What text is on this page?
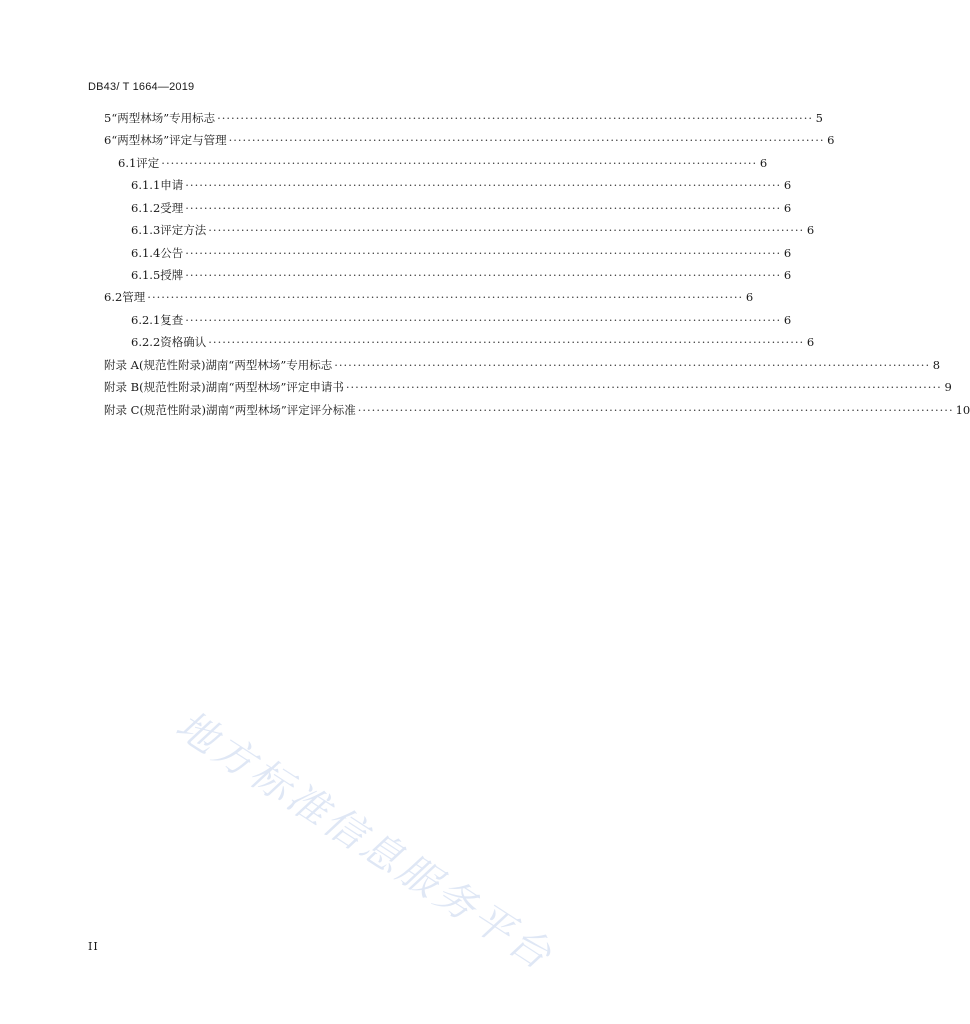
DB43/ T 1664—2019
5 “两型林场”专用标志 ································································································································ 5
6 “两型林场”评定与管理 ································································································································ 6
6.1 评定 ································································································································ 6
6.1.1 申请 ································································································································ 6
6.1.2 受理 ································································································································ 6
6.1.3 评定方法 ································································································································ 6
6.1.4 公告 ································································································································ 6
6.1.5 授牌 ································································································································ 6
6.2 管理 ································································································································ 6
6.2.1 复查 ································································································································ 6
6.2.2 资格确认 ································································································································ 6
附录 A(规范性附录) 湖南“两型林场”专用标志 ································································································································ 8
附录 B(规范性附录) 湖南“两型林场”评定申请书 ································································································································ 9
附录 C(规范性附录) 湖南“两型林场”评定评分标准 ································································································································ 10
地方标准信息服务平台
II
